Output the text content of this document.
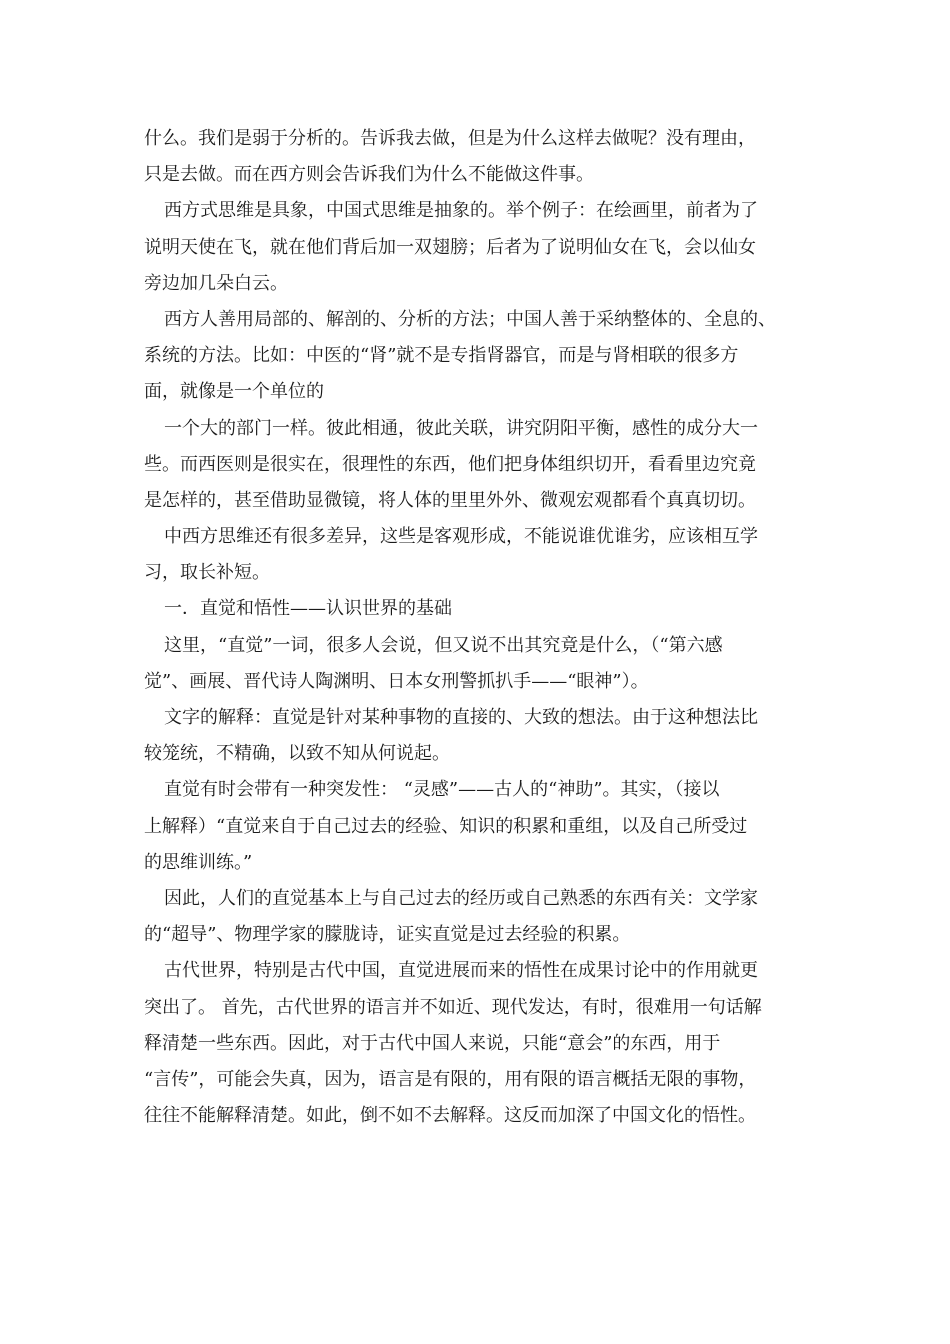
什么。我们是弱于分析的。告诉我去做，但是为什么这样去做呢？没有理由，
只是去做。而在西方则会告诉我们为什么不能做这件事。
西方式思维是具象，中国式思维是抽象的。举个例子：在绘画里，前者为了
说明天使在飞，就在他们背后加一双翅膀；后者为了说明仙女在飞，会以仙女
旁边加几朵白云。
西方人善用局部的、解剖的、分析的方法；中国人善于采纳整体的、全息的、
系统的方法。比如：中医的“肾”就不是专指肾器官，而是与肾相联的很多方
面，就像是一个单位的
一个大的部门一样。彼此相通，彼此关联，讲究阴阳平衡，感性的成分大一
些。而西医则是很实在，很理性的东西，他们把身体组织切开，看看里边究竟
是怎样的，甚至借助显微镜，将人体的里里外外、微观宏观都看个真真切切。
中西方思维还有很多差异，这些是客观形成，不能说谁优谁劣，应该相互学
习，取长补短。
一．直觉和悟性——认识世界的基础
这里，“直觉”一词，很多人会说，但又说不出其究竟是什么，（“第六感
觉”、画展、晋代诗人陶渊明、日本女刑警抓扒手——“眼神”）。
文字的解释：直觉是针对某种事物的直接的、大致的想法。由于这种想法比
较笼统，不精确，以致不知从何说起。
直觉有时会带有一种突发性： “灵感”——古人的“神助”。其实，（接以
上解释）“直觉来自于自己过去的经验、知识的积累和重组，以及自己所受过
的思维训练。”
因此，人们的直觉基本上与自己过去的经历或自己熟悉的东西有关：文学家
的“超导”、物理学家的朦胧诗，证实直觉是过去经验的积累。
古代世界，特别是古代中国，直觉进展而来的悟性在成果讨论中的作用就更
突出了。 首先，古代世界的语言并不如近、现代发达，有时，很难用一句话解
释清楚一些东西。因此，对于古代中国人来说，只能“意会”的东西，用于
“言传”，可能会失真，因为，语言是有限的，用有限的语言概括无限的事物，
往往不能解释清楚。如此，倒不如不去解释。这反而加深了中国文化的悟性。
